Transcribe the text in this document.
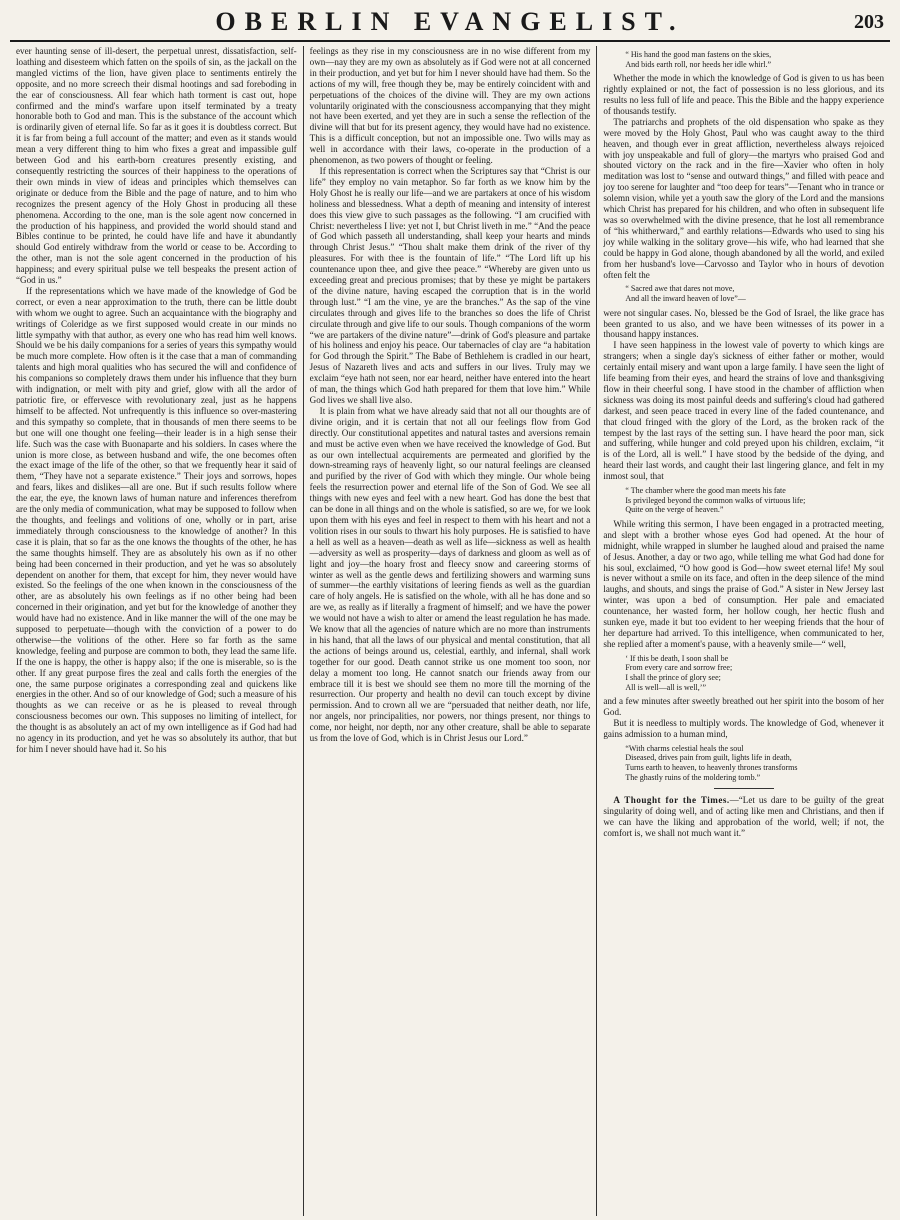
OBERLIN EVANGELIST.	203

ever haunting sense of ill-desert, the perpetual unrest, dissatisfaction, self-loathing and disesteem which fatten on the spoils of sin, as the jackall on the mangled victims of the lion, have given place to sentiments entirely the opposite, and no more screech their dismal hootings and sad foreboding in the ear of consciousness. All fear which hath torment is cast out, hope confirmed and the mind's warfare upon itself terminated by a treaty honorable both to God and man. This is the substance of the account which is ordinarily given of eternal life. So far as it goes it is doubtless correct. But it is far from being a full account of the matter; and even as it stands would mean a very different thing to him who fixes a great and impassible gulf between God and his earth-born creatures presently existing, and consequently restricting the sources of their happiness to the operations of their own minds in view of ideas and principles which themselves can originate or deduce from the Bible and the page of nature, and to him who recognizes the present agency of the Holy Ghost in producing all these phenomena. According to the one, man is the sole agent now concerned in the production of his happiness, and provided the world should stand and Bibles continue to be printed, he could have life and have it abundantly should God entirely withdraw from the world or cease to be. According to the other, man is not the sole agent concerned in the production of his happiness; and every spiritual pulse we tell bespeaks the present action of “God in us.”

If the representations which we have made of the knowledge of God be correct, or even a near approximation to the truth, there can be little doubt with whom we ought to agree. Such an acquaintance with the biography and writings of Coleridge as we first supposed would create in our minds no little sympathy with that author, as every one who has read him well knows. Should we be his daily companions for a series of years this sympathy would be much more complete. How often is it the case that a man of commanding talents and high moral qualities who has secured the will and confidence of his companions so completely draws them under his influence that they burn with indignation, or melt with pity and grief, glow with all the ardor of patriotic fire, or effervesce with revolutionary zeal, just as he happens himself to be affected. Not unfrequently is this influence so over-mastering and this sympathy so complete, that in thousands of men there seems to be but one will one thought one feeling—their leader is in a high sense their life. Such was the case with Buonaparte and his soldiers. In cases where the union is more close, as between husband and wife, the one becomes often the exact image of the life of the other, so that we frequently hear it said of them, “They have not a separate existence.” Their joys and sorrows, hopes and fears, likes and dislikes—all are one. But if such results follow where the ear, the eye, the known laws of human nature and inferences therefrom are the only media of communication, what may be supposed to follow when the thoughts, and feelings and volitions of one, wholly or in part, arise immediately through consciousness to the knowledge of another? In this case it is plain, that so far as the one knows the thoughts of the other, he has the same thoughts himself. They are as absolutely his own as if no other being had been concerned in their production, and yet he was so absolutely dependent on another for them, that except for him, they never would have existed. So the feelings of the one when known in the consciousness of the other, are as absolutely his own feelings as if no other being had been concerned in their origination, and yet but for the knowledge of another they would have had no existence. And in like manner the will of the one may be supposed to perpetuate—though with the conviction of a power to do otherwise—the volitions of the other. Here so far forth as the same knowledge, feeling and purpose are common to both, they lead the same life. If the one is happy, the other is happy also; if the one is miserable, so is the other. If any great purpose fires the zeal and calls forth the energies of the one, the same purpose originates a corresponding zeal and quickens like energies in the other. And so of our knowledge of God; such a measure of his thoughts as we can receive or as he is pleased to reveal through consciousness becomes our own. This supposes no limiting of intellect, for the thought is as absolutely an act of my own intelligence as if God had had no agency in its production, and yet he was so absolutely its author, that but for him I never should have had it. So his

feelings as they rise in my consciousness are in no wise different from my own—nay they are my own as absolutely as if God were not at all concerned in their production, and yet but for him I never should have had them. So the actions of my will, free though they be, may be entirely coincident with and perpetuations of the choices of the divine will. They are my own actions voluntarily originated with the consciousness accompanying that they might not have been exerted, and yet they are in such a sense the reflection of the divine will that but for its present agency, they would have had no existence. This is a difficult conception, but not an impossible one. Two wills may as well in accordance with their laws, co-operate in the production of a phenomenon, as two powers of thought or feeling.

If this representation is correct when the Scriptures say that “Christ is our life” they employ no vain metaphor. So far forth as we know him by the Holy Ghost he is really our life—and we are partakers at once of his wisdom holiness and blessedness. What a depth of meaning and intensity of interest does this view give to such passages as the following. “I am crucified with Christ: nevertheless I live: yet not I, but Christ liveth in me.” “And the peace of God which passeth all understanding, shall keep your hearts and minds through Christ Jesus.” “Thou shalt make them drink of the river of thy pleasures. For with thee is the fountain of life.” “The Lord lift up his countenance upon thee, and give thee peace.” “Whereby are given unto us exceeding great and precious promises; that by these ye might be partakers of the divine nature, having escaped the corruption that is in the world through lust.” “I am the vine, ye are the branches.” As the sap of the vine circulates through and gives life to the branches so does the life of Christ circulate through and give life to our souls. Though companions of the worm “we are partakers of the divine nature”—drink of God's pleasure and partake of his holiness and enjoy his peace. Our tabernacles of clay are “a habitation for God through the Spirit.” The Babe of Bethlehem is cradled in our heart, Jesus of Nazareth lives and acts and suffers in our lives. Truly may we exclaim “eye hath not seen, nor ear heard, neither have entered into the heart of man, the things which God hath prepared for them that love him.” While God lives we shall live also.

It is plain from what we have already said that not all our thoughts are of divine origin, and it is certain that not all our feelings flow from God directly. Our constitutional appetites and natural tastes and aversions remain and must be active even when we have received the knowledge of God. But as our own intellectual acquirements are permeated and glorified by the down-streaming rays of heavenly light, so our natural feelings are cleansed and purified by the river of God with which they mingle. Our whole being feels the resurrection power and eternal life of the Son of God. We see all things with new eyes and feel with a new heart. God has done the best that can be done in all things and on the whole is satisfied, so are we, for we look upon them with his eyes and feel in respect to them with his heart and not a volition rises in our souls to thwart his holy purposes. He is satisfied to have a hell as well as a heaven—death as well as life—sickness as well as health—adversity as well as prosperity—days of darkness and gloom as well as of light and joy—the hoary frost and fleecy snow and careering storms of winter as well as the gentle dews and fertilizing showers and warming suns of summer—the earthly visitations of leering fiends as well as the guardian care of holy angels. He is satisfied on the whole, with all he has done and so are we, as really as if literally a fragment of himself; and we have the power we would not have a wish to alter or amend the least regulation he has made. We know that all the agencies of nature which are no more than instruments in his hand, that all the laws of our physical and mental constitution, that all the actions of beings around us, celestial, earthly, and infernal, shall work together for our good. Death cannot strike us one moment too soon, nor delay a moment too long. He cannot snatch our friends away from our embrace till it is best we should see them no more till the morning of the resurrection. Our property and health no devil can touch except by divine permission. And to crown all we are “persuaded that neither death, nor life, nor angels, nor principalities, nor powers, nor things present, nor things to come, nor height, nor depth, nor any other creature, shall be able to separate us from the love of God, which is in Christ Jesus our Lord.”

“ His hand the good man fastens on the skies,
And bids earth roll, nor heeds her idle whirl.”

Whether the mode in which the knowledge of God is given to us has been rightly explained or not, the fact of possession is no less glorious, and its results no less full of life and peace. This the Bible and the happy experience of thousands testify.

The patriarchs and prophets of the old dispensation who spake as they were moved by the Holy Ghost, Paul who was caught away to the third heaven, and though ever in great affliction, nevertheless always rejoiced with joy unspeakable and full of glory—the martyrs who praised God and shouted victory on the rack and in the fire—Xavier who often in holy meditation was lost to “sense and outward things,” and filled with peace and joy too serene for laughter and “too deep for tears”—Tenant who in trance or solemn vision, while yet a youth saw the glory of the Lord and the mansions which Christ has prepared for his children, and who often in subsequent life was so overwhelmed with the divine presence, that he lost all remembrance of “his whitherward,” and earthly relations—Edwards who used to sing his joy while walking in the solitary grove—his wife, who had learned that she could be happy in God alone, though abandoned by all the world, and exiled from her husband's love—Carvosso and Taylor who in hours of devotion often felt the

“ Sacred awe that dares not move,
And all the inward heaven of love”—

were not singular cases. No, blessed be the God of Israel, the like grace has been granted to us also, and we have been witnesses of its power in a thousand happy instances.

I have seen happiness in the lowest vale of poverty to which kings are strangers; when a single day's sickness of either father or mother, would certainly entail misery and want upon a large family. I have seen the light of life beaming from their eyes, and heard the strains of love and thanksgiving flow in their cheerful song. I have stood in the chamber of affliction when sickness was doing its most painful deeds and suffering's cloud had gathered darkest, and seen peace traced in every line of the faded countenance, and that cloud fringed with the glory of the Lord, as the broken rack of the tempest by the last rays of the setting sun. I have heard the poor man, sick and suffering, while hunger and cold preyed upon his children, exclaim, “it is of the Lord, all is well.” I have stood by the bedside of the dying, and heard their last words, and caught their last lingering glance, and felt in my inmost soul, that

“ The chamber where the good man meets his fate
Is privileged beyond the common walks of virtuous life;
Quite on the verge of heaven.”

While writing this sermon, I have been engaged in a protracted meeting, and slept with a brother whose eyes God had opened. At the hour of midnight, while wrapped in slumber he laughed aloud and praised the name of Jesus. Another, a day or two ago, while telling me what God had done for his soul, exclaimed, “O how good is God—how sweet eternal life! My soul is never without a smile on its face, and often in the deep silence of the mind laughs, and shouts, and sings the praise of God.” A sister in New Jersey last winter, was upon a bed of consumption. Her pale and emaciated countenance, her wasted form, her hollow cough, her hectic flush and sunken eye, made it but too evident to her weeping friends that the hour of her departure had arrived. To this intelligence, when communicated to her, she replied after a moment's pause, with a heavenly smile—“ well,

‘ If this be death, I soon shall be
From every care and sorrow free;
I shall the prince of glory see;
All is well—all is well,’”

and a few minutes after sweetly breathed out her spirit into the bosom of her God.

But it is needless to multiply words. The knowledge of God, whenever it gains admission to a human mind,

“With charms celestial heals the soul
Diseased, drives pain from guilt, lights life in death,
Turns earth to heaven, to heavenly thrones transforms
The ghastly ruins of the moldering tomb.”

A Thought for the Times.—“Let us dare to be guilty of the great singularity of doing well, and of acting like men and Christians, and then if we can have the liking and approbation of the world, well; if not, the comfort is, we shall not much want it.”
